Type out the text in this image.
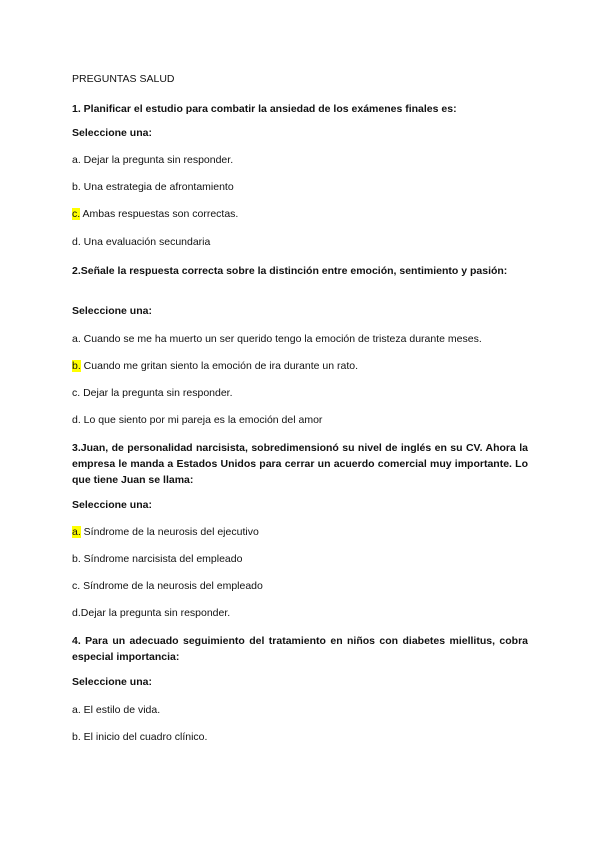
PREGUNTAS SALUD

1. Planificar el estudio para combatir la ansiedad de los exámenes finales es:

Seleccione una:

a. Dejar la pregunta sin responder.

b. Una estrategia de afrontamiento

c. Ambas respuestas son correctas.

d. Una evaluación secundaria

2.Señale la respuesta correcta sobre la distinción entre emoción, sentimiento y pasión:

Seleccione una:

a. Cuando se me ha muerto un ser querido tengo la emoción de tristeza durante meses.

b. Cuando me gritan siento la emoción de ira durante un rato.

c. Dejar la pregunta sin responder.

d. Lo que siento por mi pareja es la emoción del amor

3.Juan, de personalidad narcisista, sobredimensionó su nivel de inglés en su CV. Ahora la empresa le manda a Estados Unidos para cerrar un acuerdo comercial muy importante. Lo que tiene Juan se llama:

Seleccione una:

a. Síndrome de la neurosis del ejecutivo

b. Síndrome narcisista del empleado

c. Síndrome de la neurosis del empleado

d.Dejar la pregunta sin responder.

4. Para un adecuado seguimiento del tratamiento en niños con diabetes miellitus, cobra especial importancia:

Seleccione una:

a. El estilo de vida.

b. El inicio del cuadro clínico.
